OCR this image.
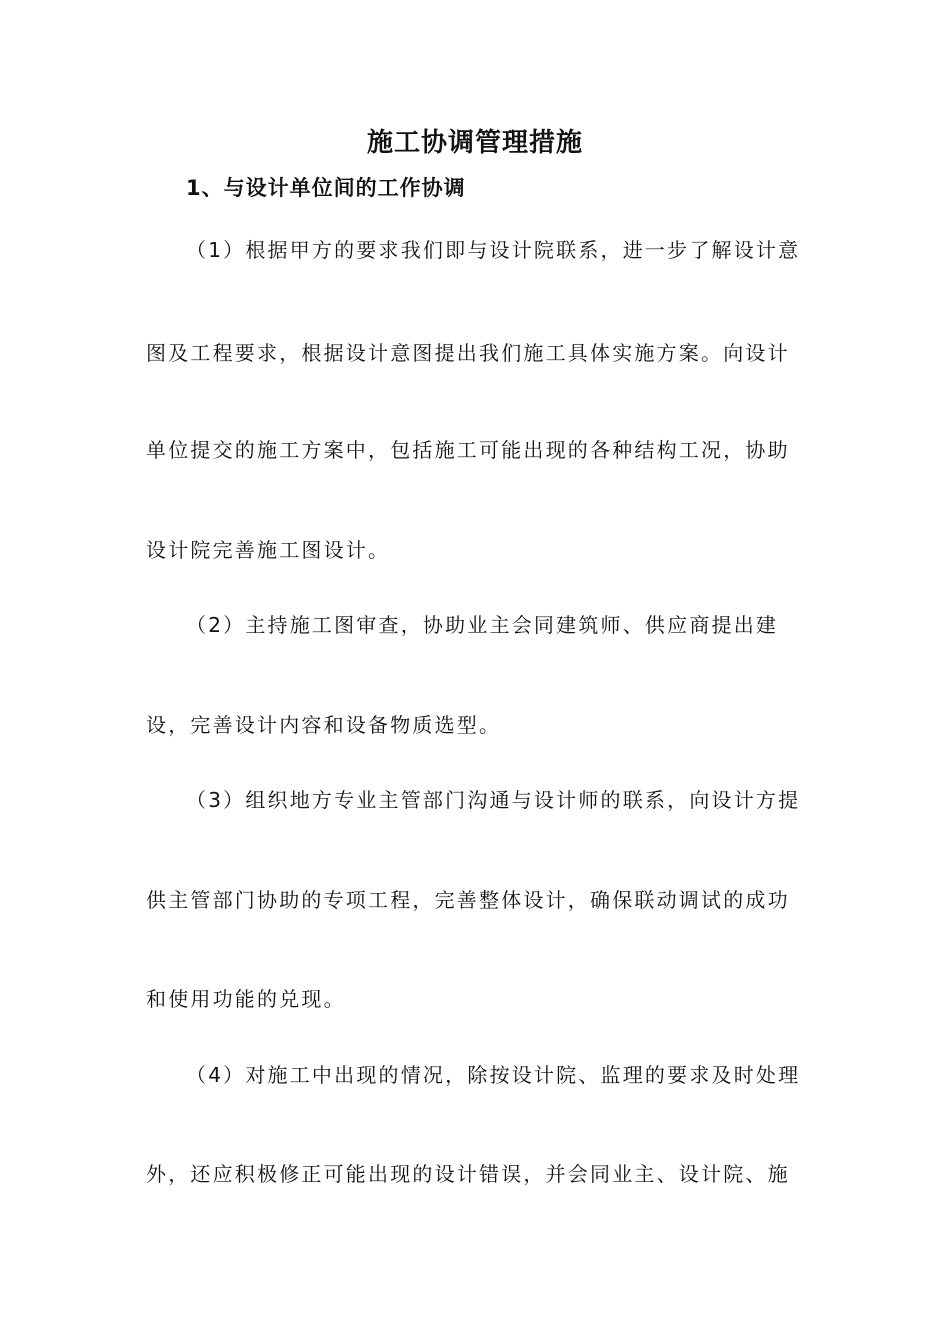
施工协调管理措施
1、与设计单位间的工作协调
（1）根据甲方的要求我们即与设计院联系，进一步了解设计意
图及工程要求，根据设计意图提出我们施工具体实施方案。向设计
单位提交的施工方案中，包括施工可能出现的各种结构工况，协助
设计院完善施工图设计。
（2）主持施工图审查，协助业主会同建筑师、供应商提出建
设，完善设计内容和设备物质选型。
（3）组织地方专业主管部门沟通与设计师的联系，向设计方提
供主管部门协助的专项工程，完善整体设计，确保联动调试的成功
和使用功能的兑现。
（4）对施工中出现的情况，除按设计院、监理的要求及时处理
外，还应积极修正可能出现的设计错误，并会同业主、设计院、施
